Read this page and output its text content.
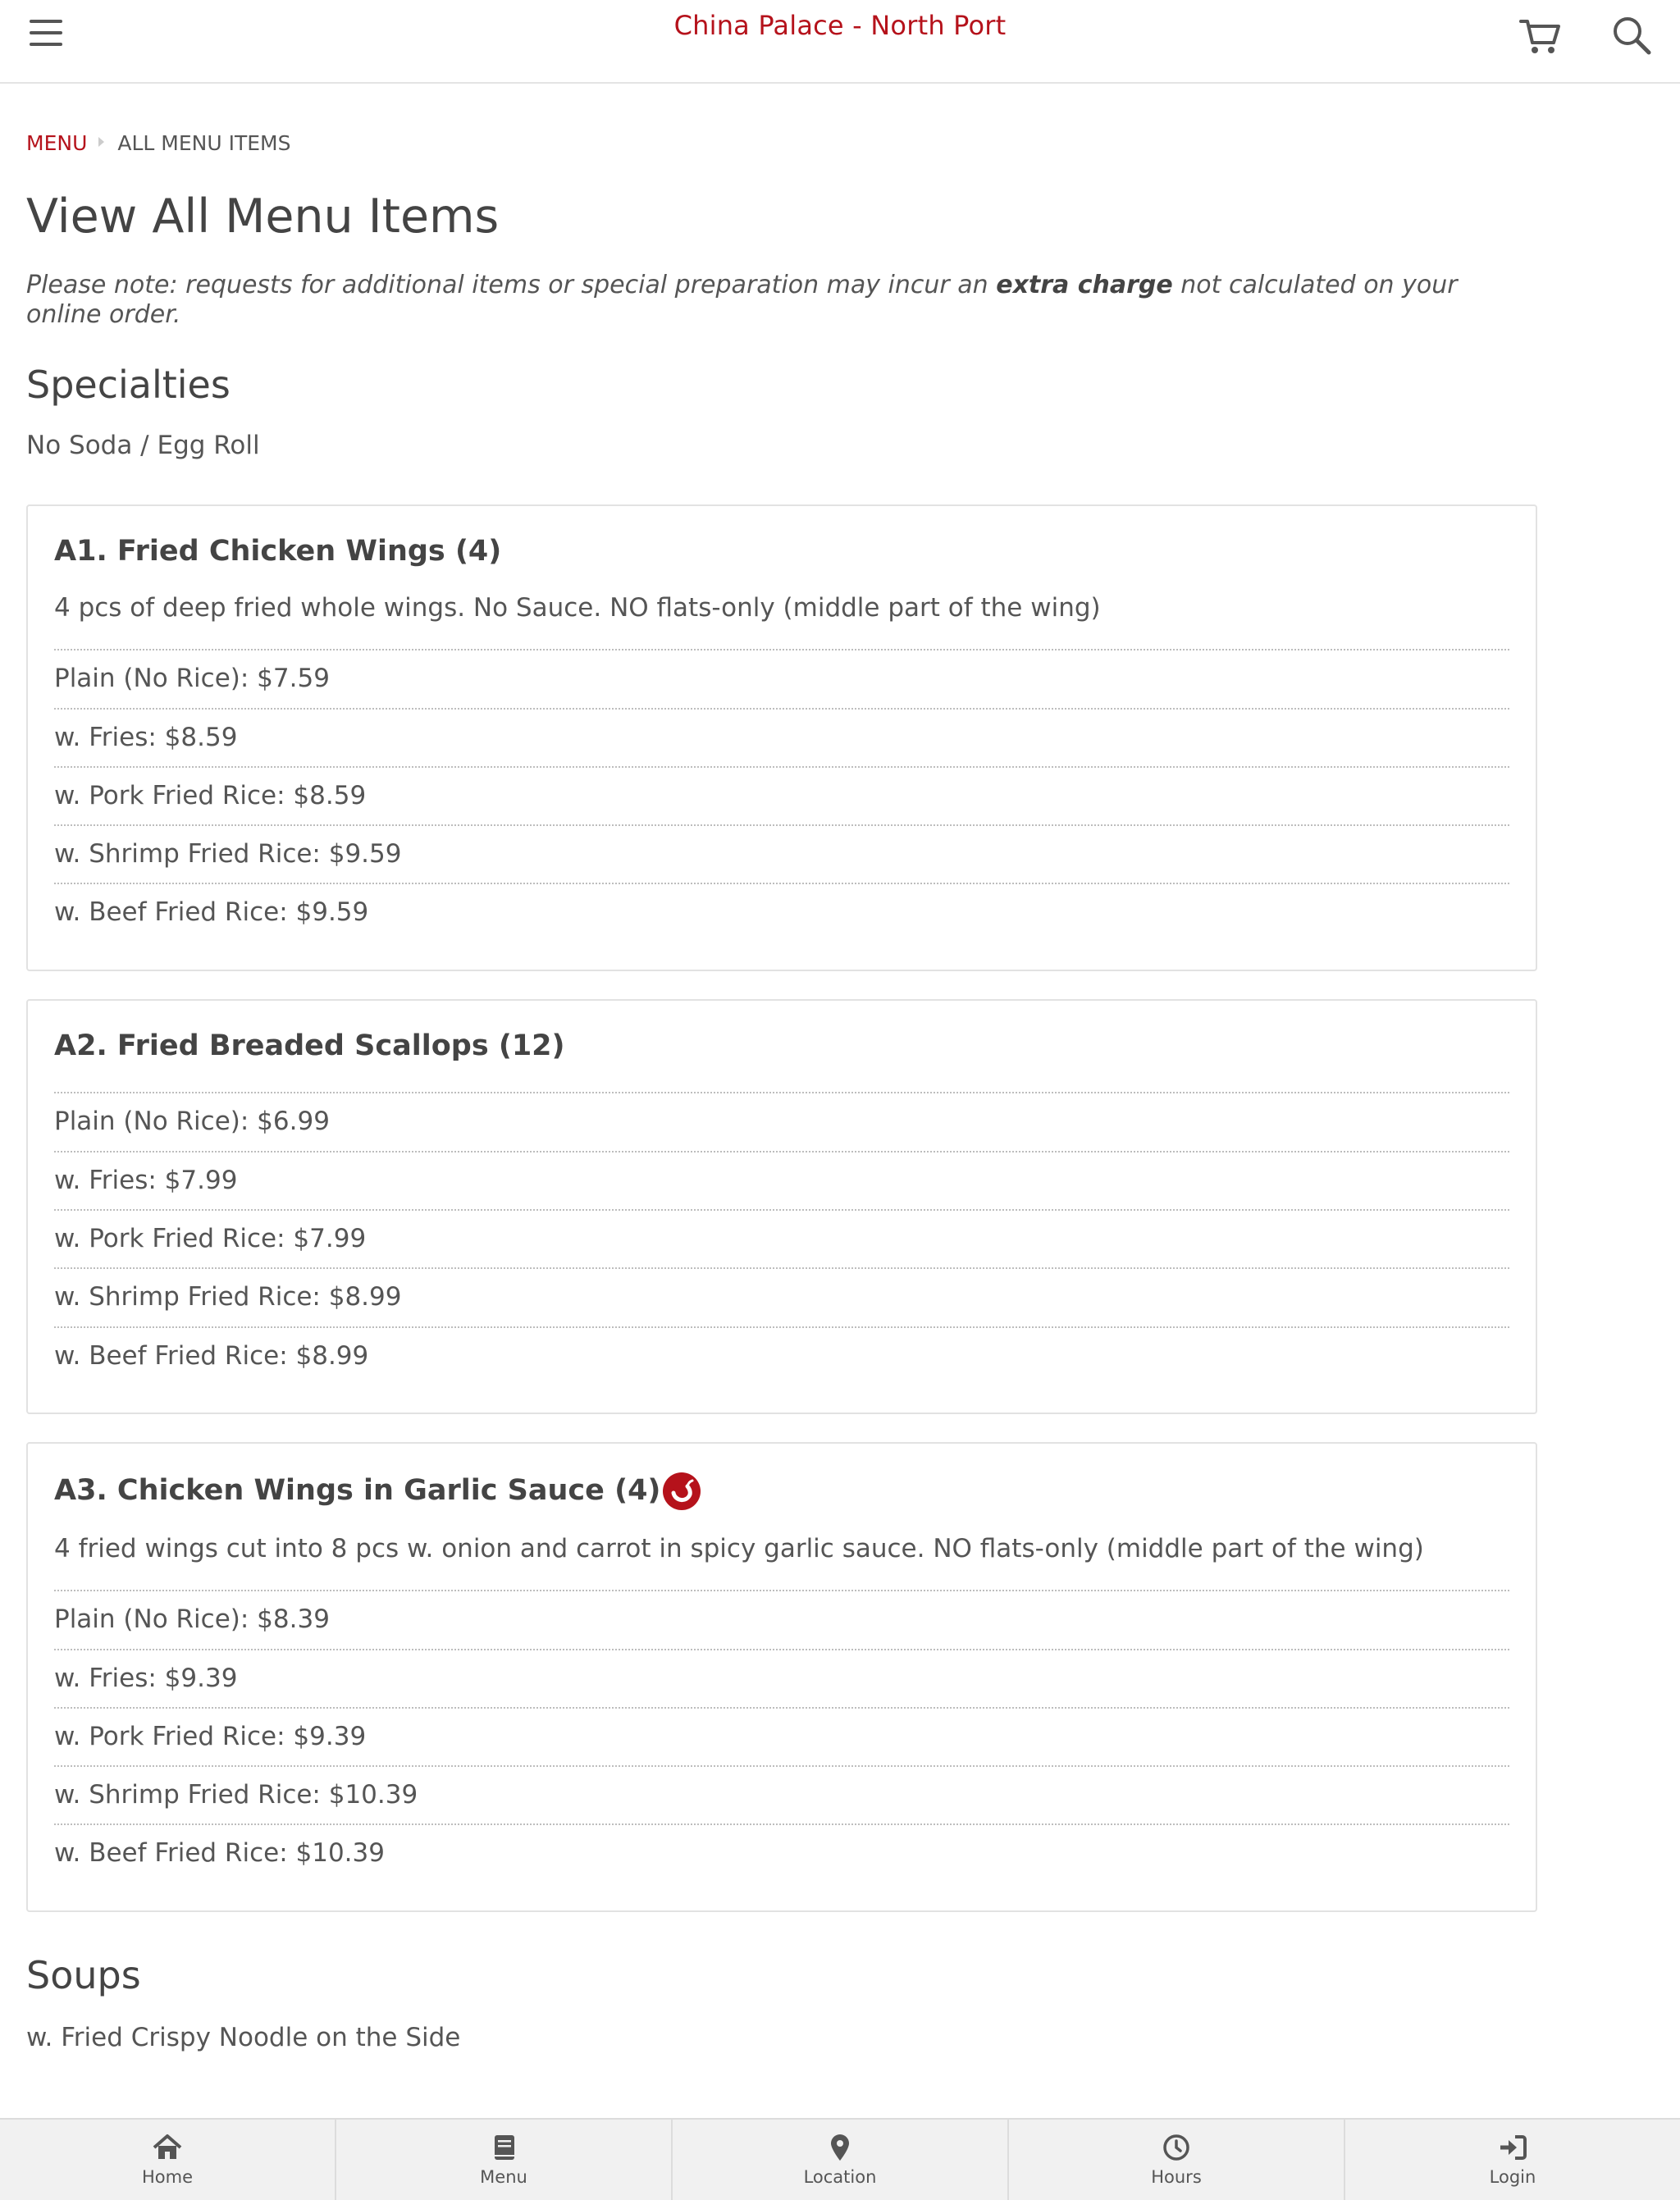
China Palace - North Port
MENU ALL MENU ITEMS
View All Menu Items
Please note: requests for additional items or special preparation may incur an extra charge not calculated on your online order.
Specialties
No Soda / Egg Roll
A1. Fried Chicken Wings (4)
4 pcs of deep fried whole wings. No Sauce. NO flats-only (middle part of the wing)
Plain (No Rice): $7.59
w. Fries: $8.59
w. Pork Fried Rice: $8.59
w. Shrimp Fried Rice: $9.59
w. Beef Fried Rice: $9.59
A2. Fried Breaded Scallops (12)
Plain (No Rice): $6.99
w. Fries: $7.99
w. Pork Fried Rice: $7.99
w. Shrimp Fried Rice: $8.99
w. Beef Fried Rice: $8.99
A3. Chicken Wings in Garlic Sauce (4)
4 fried wings cut into 8 pcs w. onion and carrot in spicy garlic sauce. NO flats-only (middle part of the wing)
Plain (No Rice): $8.39
w. Fries: $9.39
w. Pork Fried Rice: $9.39
w. Shrimp Fried Rice: $10.39
w. Beef Fried Rice: $10.39
Soups
w. Fried Crispy Noodle on the Side
Home	Menu	Location	Hours	Login
